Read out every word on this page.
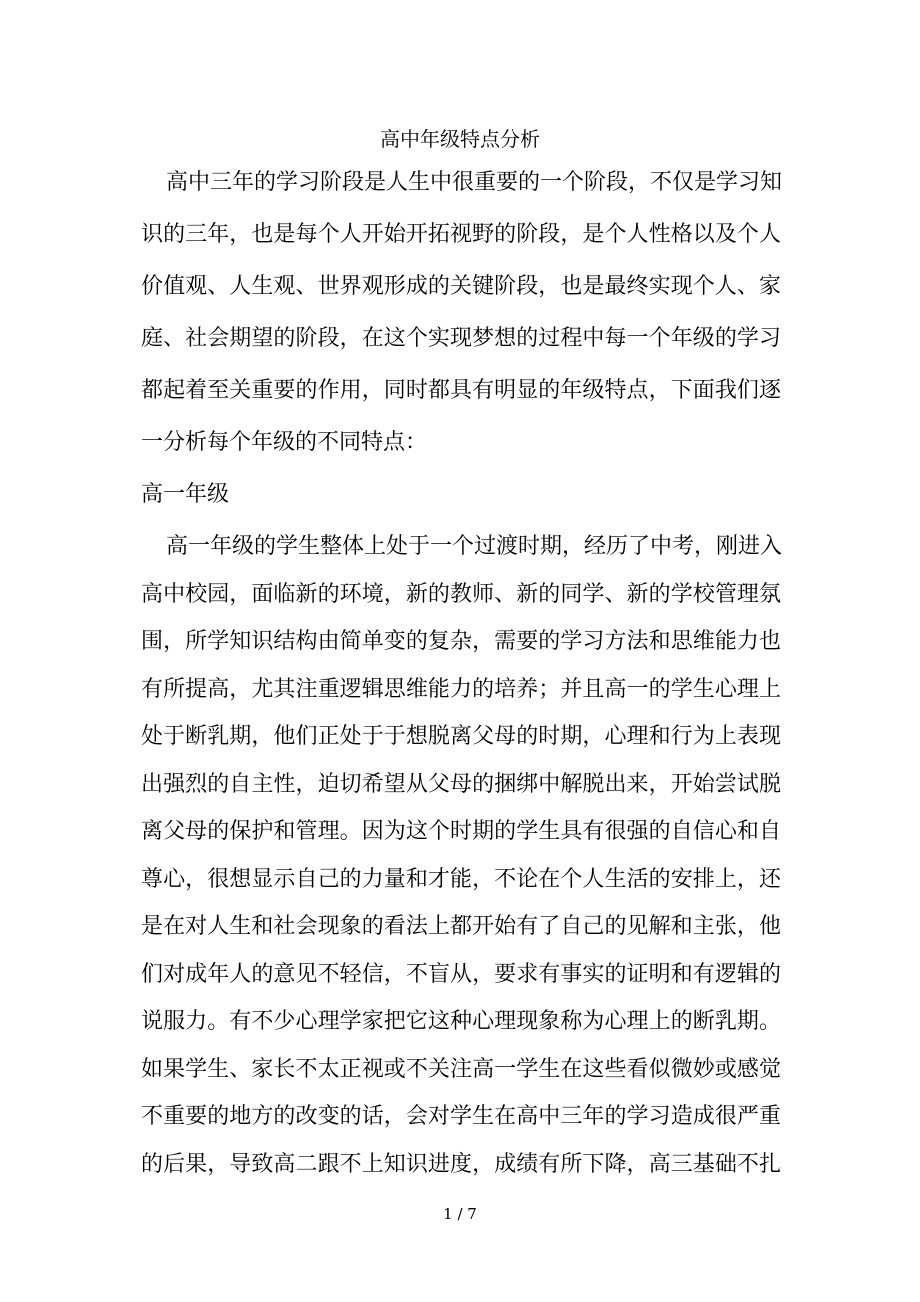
高中年级特点分析
高中三年的学习阶段是人生中很重要的一个阶段，不仅是学习知
识的三年，也是每个人开始开拓视野的阶段，是个人性格以及个人
价值观、人生观、世界观形成的关键阶段，也是最终实现个人、家
庭、社会期望的阶段，在这个实现梦想的过程中每一个年级的学习
都起着至关重要的作用，同时都具有明显的年级特点，下面我们逐
一分析每个年级的不同特点：
高一年级
高一年级的学生整体上处于一个过渡时期，经历了中考，刚进入
高中校园，面临新的环境，新的教师、新的同学、新的学校管理氛
围，所学知识结构由简单变的复杂，需要的学习方法和思维能力也
有所提高，尤其注重逻辑思维能力的培养；并且高一的学生心理上
处于断乳期，他们正处于于想脱离父母的时期，心理和行为上表现
出强烈的自主性，迫切希望从父母的捆绑中解脱出来，开始尝试脱
离父母的保护和管理。因为这个时期的学生具有很强的自信心和自
尊心，很想显示自己的力量和才能，不论在个人生活的安排上，还
是在对人生和社会现象的看法上都开始有了自己的见解和主张，他
们对成年人的意见不轻信，不盲从，要求有事实的证明和有逻辑的
说服力。有不少心理学家把它这种心理现象称为心理上的断乳期。
如果学生、家长不太正视或不关注高一学生在这些看似微妙或感觉
不重要的地方的改变的话，会对学生在高中三年的学习造成很严重
的后果，导致高二跟不上知识进度，成绩有所下降，高三基础不扎
1 / 7
